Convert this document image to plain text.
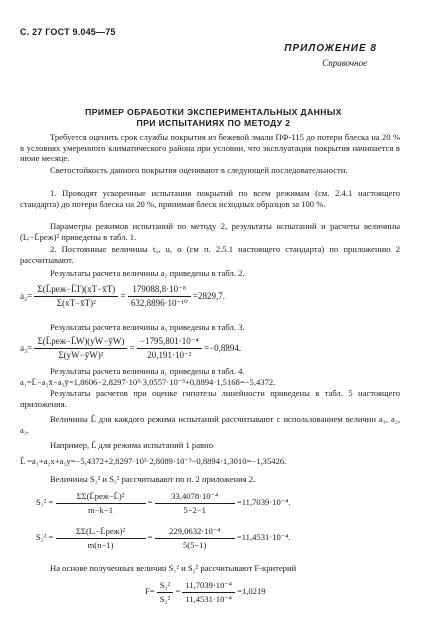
С. 27 ГОСТ 9.045—75
ПРИЛОЖЕНИЕ 8
Справочное
ПРИМЕР ОБРАБОТКИ ЭКСПЕРИМЕНТАЛЬНЫХ ДАННЫХ
ПРИ ИСПЫТАНИЯХ ПО МЕТОДУ 2
Требуется оценить срок службы покрытия из бежевой эмали ПФ-115 до потери блеска на 20 % в условиях умеренного климатического района при условии, что эксплуатация покрытия начинается в июне месяце.
Светостойкость данного покрытия оценивают в следующей последовательности.
1. Проводят ускоренные испытания покрытий по всем режимам (см. 2.4.1 настоящего стандарта) до потери блеска на 20 %, принимая блеск исходных образцов за 100 %.
Параметры режимов испытаний по методу 2, результаты испытаний и расчеты величины (Lᵢ−L̄реж)² приведены в табл. 1.
2. Постоянные величины t₀, u, α (см п. 2.5.1 настоящего стандарта) по приложению 2 рассчитывают.
Результаты расчета величины a₂ приведены в табл. 2.
$a_2= \frac{\text{Σ(L̄реж−L̄T)(xT−x̄T)}}{\text{Σ(xT−x̄T)²}} = \frac{\text{179088,8·10⁻⁸}}{\text{632,8896·10⁻¹⁰}} =2829,7$.
Результаты расчета величины a₃ приведены в табл. 3.
$a_3= \frac{\text{Σ(L̄реж−L̄W)(yW−ȳW)}}{\text{Σ(yW−ȳW)²}} = \frac{\text{−1795,801·10⁻⁴}}{\text{20,191·10⁻²}} =-0,8894$.
Результаты расчета величины a₁ приведены в табл. 4.
a₁=L̄−a₂x̄−a₃ȳ=1,8606−2,8297·10³·3,0557·10⁻³+0,8894·1,5168=−5,4372.
Результаты расчетов при оценке гипотезы линейности приведены в табл. 5 настоящего приложения.
Величины L̂ для каждого режима испытаний рассчитывают с использованием величин a₁, a₂, a₃.
Например, L̂ для режима испытаний 1 равно
L̂ =a₁+a₂x+a₃y=−5,4372+2,8297·10³·2,8089·10⁻³−0,8894·1,3010=−1,35426.
Величины S₁² и S₂² рассчитывают по п. 2 приложения 2.
$S_1^2 = \frac{\text{ΣΣ(L̄реж−L̂)²}}{m-k-1} = \frac{\text{33,4078·10⁻⁴}}{5-2-1} =11,7039\cdot 10^{-4}$.
$S_2^2 = \frac{\text{ΣΣ(Lᵢ−L̄реж)²}}{m(n-1)} = \frac{\text{229,0632·10⁻⁴}}{5(5-1)} =11,4531\cdot 10^{-4}$.
На основе полученных величин S₁² и S₂² рассчитывают F-критерий
$F= \frac{\text{S₁²}}{\text{S₂²}} = \frac{\text{11,7039·10⁻⁴}}{\text{11,4531·10⁻⁴}} =1,0219$
